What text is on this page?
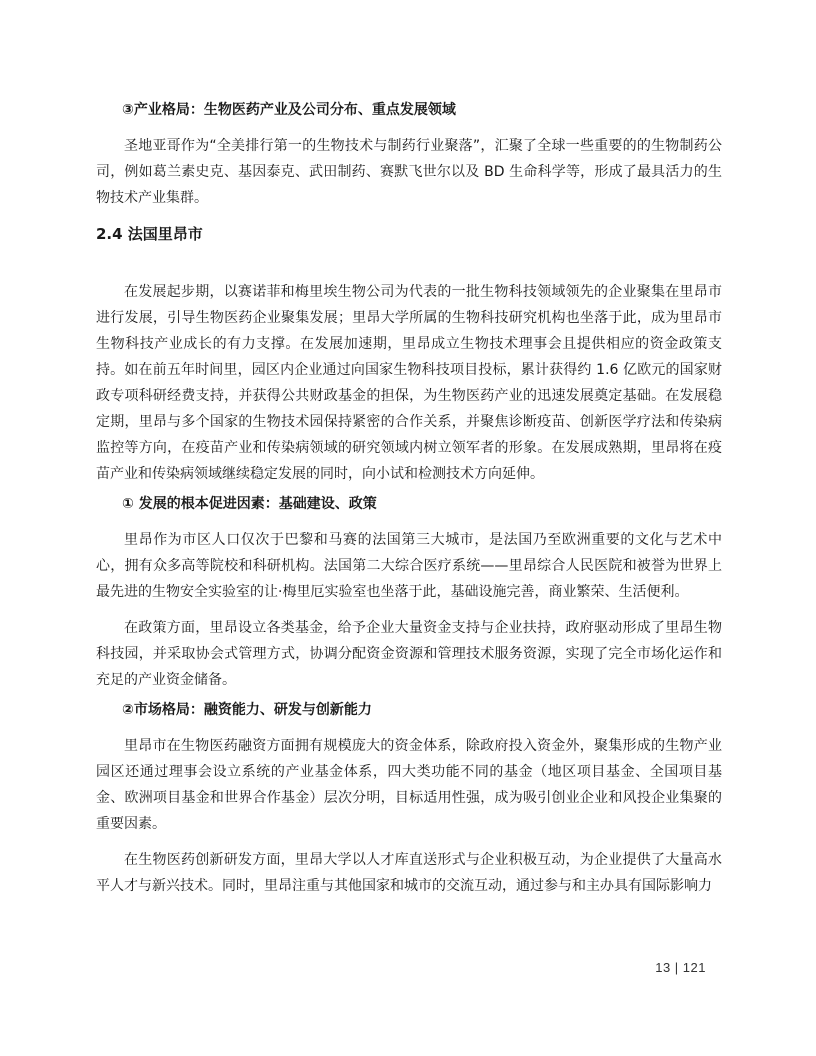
③产业格局：生物医药产业及公司分布、重点发展领域

圣地亚哥作为“全美排行第一的生物技术与制药行业聚落”，汇聚了全球一些重要的的生物制药公司，例如葛兰素史克、基因泰克、武田制药、赛默飞世尔以及 BD 生命科学等，形成了最具活力的生物技术产业集群。

2.4 法国里昂市

在发展起步期，以赛诺菲和梅里埃生物公司为代表的一批生物科技领域领先的企业聚集在里昂市进行发展，引导生物医药企业聚集发展；里昂大学所属的生物科技研究机构也坐落于此，成为里昂市生物科技产业成长的有力支撑。在发展加速期，里昂成立生物技术理事会且提供相应的资金政策支持。如在前五年时间里，园区内企业通过向国家生物科技项目投标，累计获得约 1.6 亿欧元的国家财政专项科研经费支持，并获得公共财政基金的担保，为生物医药产业的迅速发展奠定基础。在发展稳定期，里昂与多个国家的生物技术园保持紧密的合作关系，并聚焦诊断疫苗、创新医学疗法和传染病监控等方向，在疫苗产业和传染病领域的研究领域内树立领军者的形象。在发展成熟期，里昂将在疫苗产业和传染病领域继续稳定发展的同时，向小试和检测技术方向延伸。

① 发展的根本促进因素：基础建设、政策

里昂作为市区人口仅次于巴黎和马赛的法国第三大城市，是法国乃至欧洲重要的文化与艺术中心，拥有众多高等院校和科研机构。法国第二大综合医疗系统——里昂综合人民医院和被誉为世界上最先进的生物安全实验室的让·梅里厄实验室也坐落于此，基础设施完善，商业繁荣、生活便利。

在政策方面，里昂设立各类基金，给予企业大量资金支持与企业扶持，政府驱动形成了里昂生物科技园，并采取协会式管理方式，协调分配资金资源和管理技术服务资源，实现了完全市场化运作和充足的产业资金储备。

②市场格局：融资能力、研发与创新能力

里昂市在生物医药融资方面拥有规模庞大的资金体系，除政府投入资金外，聚集形成的生物产业园区还通过理事会设立系统的产业基金体系，四大类功能不同的基金（地区项目基金、全国项目基金、欧洲项目基金和世界合作基金）层次分明，目标适用性强，成为吸引创业企业和风投企业集聚的重要因素。

在生物医药创新研发方面，里昂大学以人才库直送形式与企业积极互动，为企业提供了大量高水平人才与新兴技术。同时，里昂注重与其他国家和城市的交流互动，通过参与和主办具有国际影响力

13 | 121
